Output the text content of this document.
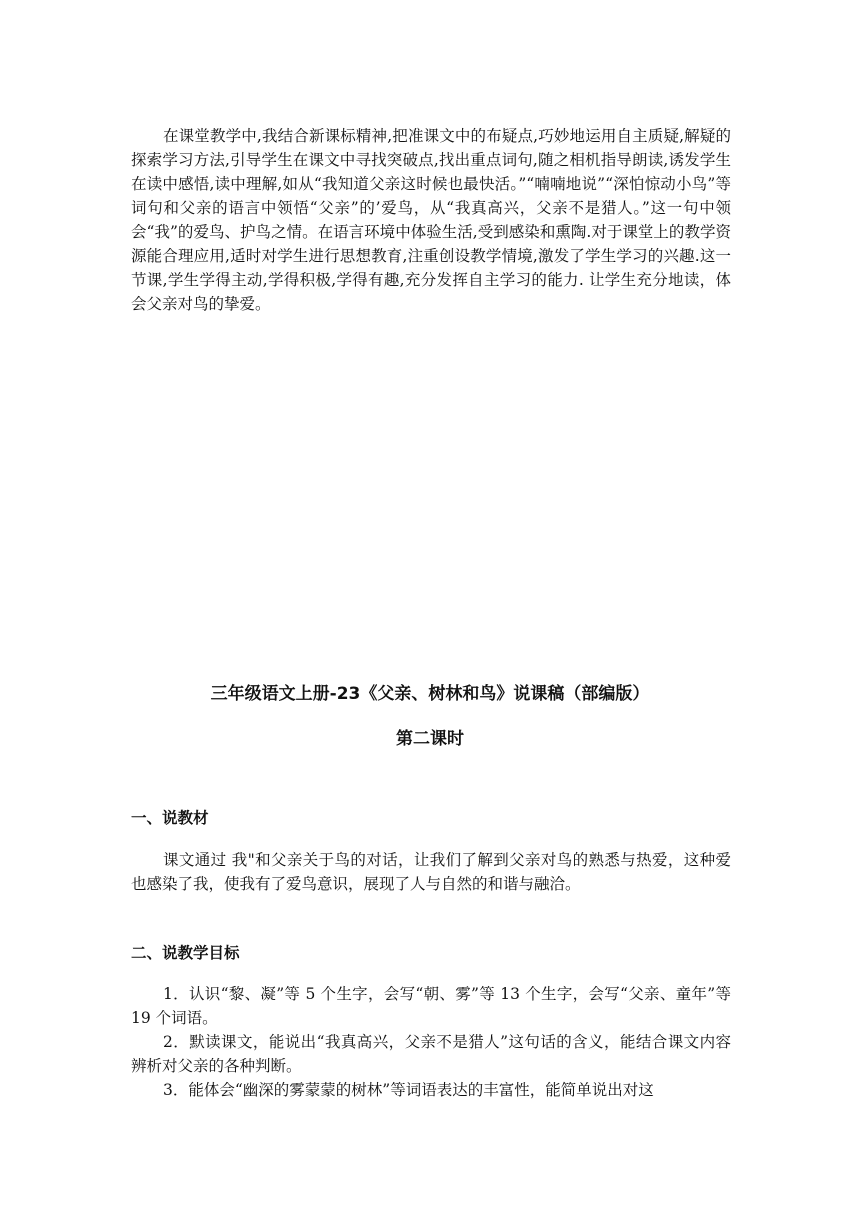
在课堂教学中,我结合新课标精神,把准课文中的布疑点,巧妙地运用自主质疑,解疑的探索学习方法,引导学生在课文中寻找突破点,找出重点词句,随之相机指导朗读,诱发学生在读中感悟,读中理解,如从“我知道父亲这时候也最快活。”“喃喃地说”“深怕惊动小鸟”等词句和父亲的语言中领悟“父亲”的’爱鸟，从“我真高兴，父亲不是猎人。”这一句中领会“我”的爱鸟、护鸟之情。在语言环境中体验生活,受到感染和熏陶.对于课堂上的教学资源能合理应用,适时对学生进行思想教育,注重创设教学情境,激发了学生学习的兴趣.这一节课,学生学得主动,学得积极,学得有趣,充分发挥自主学习的能力. 让学生充分地读，体会父亲对鸟的挚爱。

三年级语文上册-23《父亲、树林和鸟》说课稿（部编版）
第二课时
一、说教材

课文通过 我"和父亲关于鸟的对话，让我们了解到父亲对鸟的熟悉与热爱，这种爱也感染了我，使我有了爱鸟意识，展现了人与自然的和谐与融洽。

二、说教学目标
1．认识“黎、凝”等 5 个生字，会写“朝、雾”等 13 个生字，会写“父亲、童年”等 19 个词语。
2．默读课文，能说出“我真高兴，父亲不是猎人”这句话的含义，能结合课文内容辨析对父亲的各种判断。
3．能体会“幽深的雾蒙蒙的树林”等词语表达的丰富性，能简单说出对这
